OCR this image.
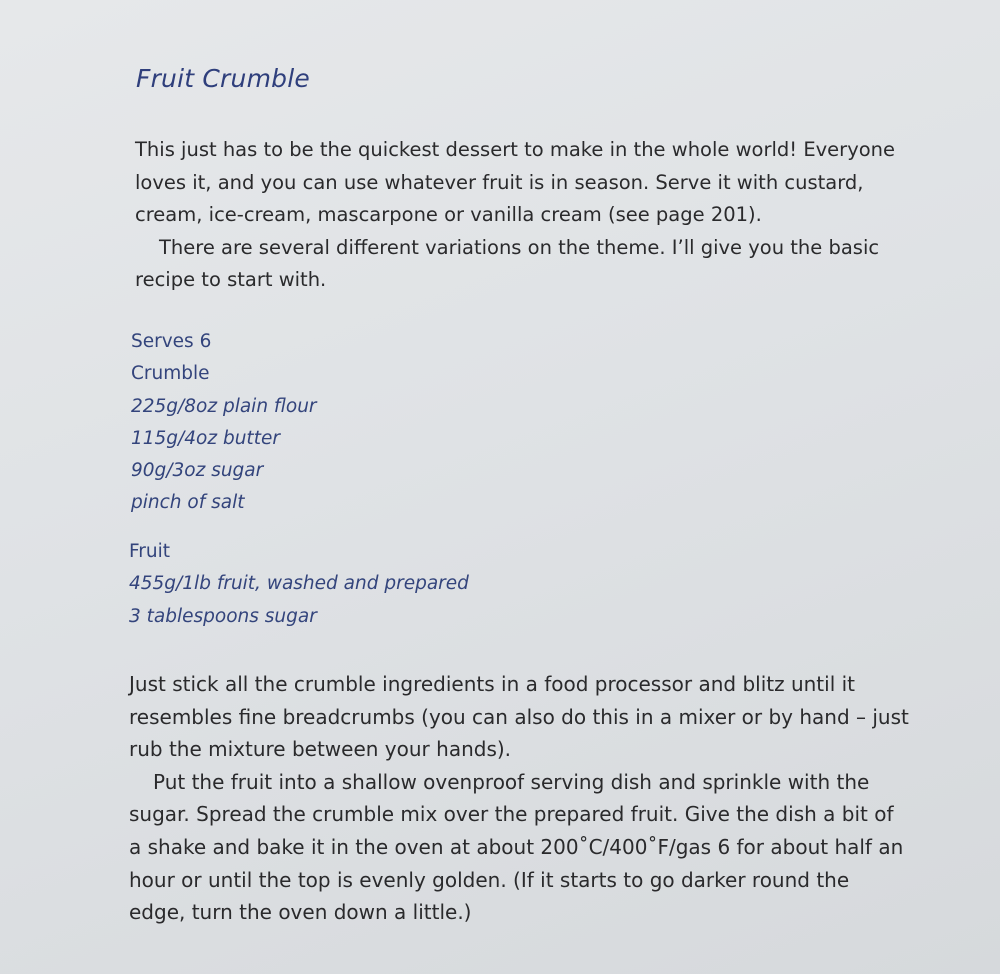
Fruit Crumble

This just has to be the quickest dessert to make in the whole world! Everyone
loves it, and you can use whatever fruit is in season. Serve it with custard,
cream, ice-cream, mascarpone or vanilla cream (see page 201).
There are several different variations on the theme. I’ll give you the basic
recipe to start with.

Serves 6
Crumble
225g/8oz plain flour
115g/4oz butter
90g/3oz sugar
pinch of salt
Fruit
455g/1lb fruit, washed and prepared
3 tablespoons sugar

Just stick all the crumble ingredients in a food processor and blitz until it
resembles fine breadcrumbs (you can also do this in a mixer or by hand – just
rub the mixture between your hands).
Put the fruit into a shallow ovenproof serving dish and sprinkle with the
sugar. Spread the crumble mix over the prepared fruit. Give the dish a bit of
a shake and bake it in the oven at about 200˚C/400˚F/gas 6 for about half an
hour or until the top is evenly golden. (If it starts to go darker round the
edge, turn the oven down a little.)
